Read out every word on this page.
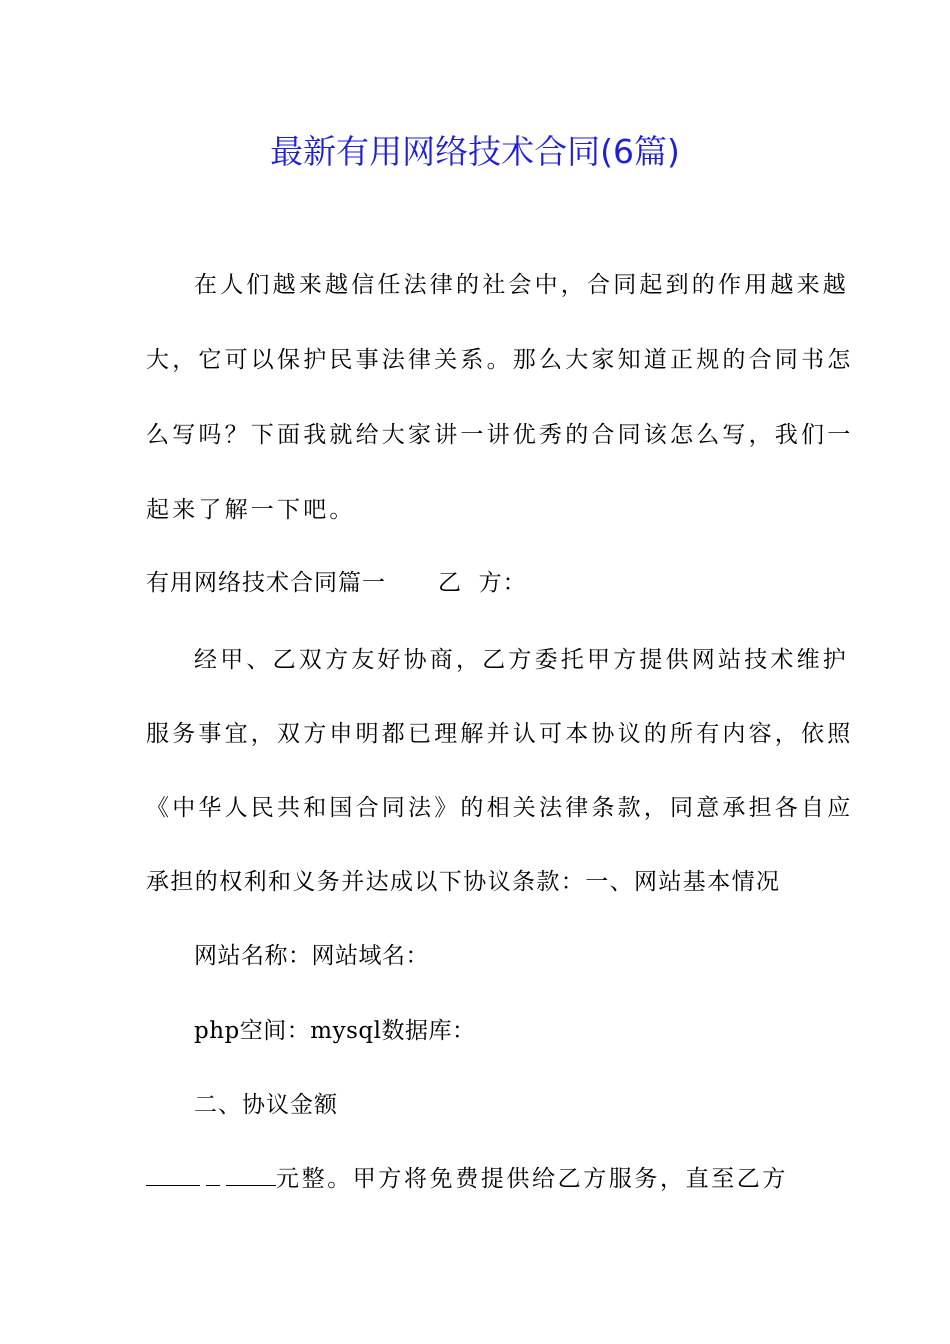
最新有用网络技术合同(6篇)
在人们越来越信任法律的社会中，合同起到的作用越来越
大，它可以保护民事法律关系。那么大家知道正规的合同书怎
么写吗？下面我就给大家讲一讲优秀的合同该怎么写，我们一
起来了解一下吧。
有用网络技术合同篇一 乙  方：
经甲、乙双方友好协商，乙方委托甲方提供网站技术维护
服务事宜，双方申明都已理解并认可本协议的所有内容，依照
《中华人民共和国合同法》的相关法律条款，同意承担各自应
承担的权利和义务并达成以下协议条款：一、网站基本情况
网站名称：网站域名：
php空间：mysql数据库：
二、协议金额
元整。甲方将免费提供给乙方服务，直至乙方
